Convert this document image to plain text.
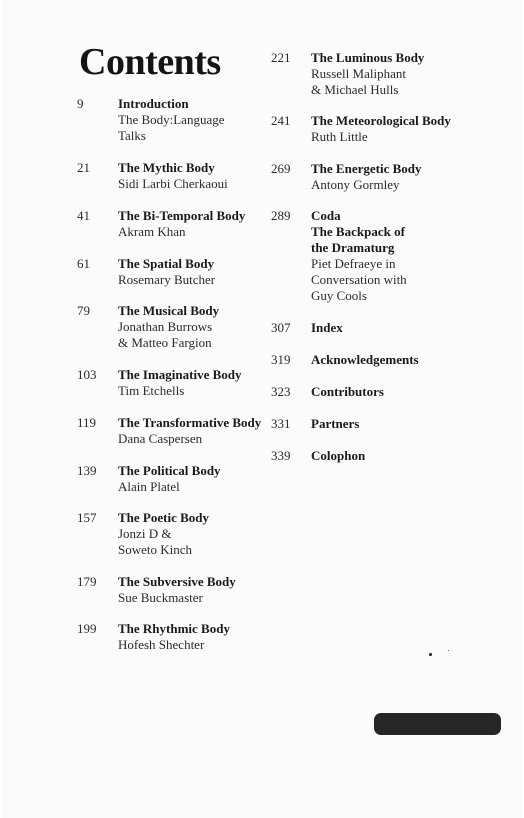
Contents
9	Introduction
The Body:Language
Talks
21 The Mythic Body
Sidi Larbi Cherkaoui
41 The Bi-Temporal Body
Akram Khan
61 The Spatial Body
Rosemary Butcher
79 The Musical Body
Jonathan Burrows
& Matteo Fargion
103 The Imaginative Body
Tim Etchells
119 The Transformative Body
Dana Caspersen
139 The Political Body
Alain Platel
157 The Poetic Body
Jonzi D &
Soweto Kinch
179 The Subversive Body
Sue Buckmaster
199 The Rhythmic Body
Hofesh Shechter
221 The Luminous Body
Russell Maliphant
& Michael Hulls
241 The Meteorological Body
Ruth Little
269 The Energetic Body
Antony Gormley
289 Coda
The Backpack of
the Dramaturg
Piet Defraeye in
Conversation with
Guy Cools
307 Index
319 Acknowledgements
323 Contributors
331 Partners
339 Colophon
